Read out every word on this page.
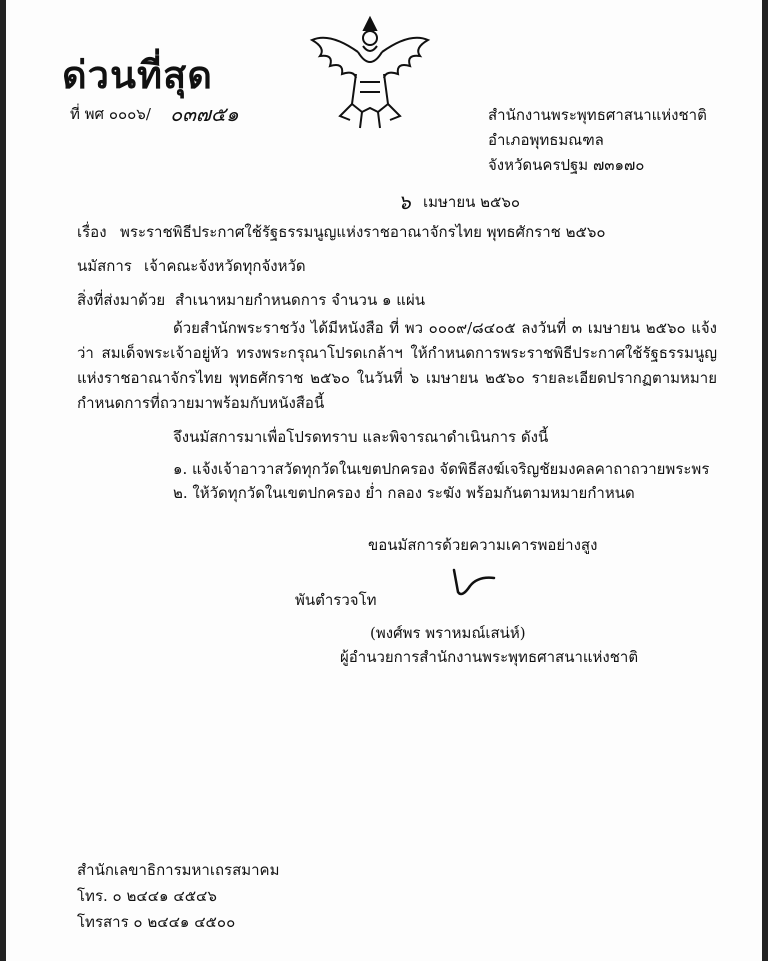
ด่วนที่สุด
ที่ พศ ๐๐๐๖/ ๐๓๗๕๑	สำนักงานพระพุทธศาสนาแห่งชาติ
อำเภอพุทธมณฑล
จังหวัดนครปฐม ๗๓๑๗๐
๖ เมษายน ๒๕๖๐
เรื่อง พระราชพิธีประกาศใช้รัฐธรรมนูญแห่งราชอาณาจักรไทย พุทธศักราช ๒๕๖๐
นมัสการ เจ้าคณะจังหวัดทุกจังหวัด
สิ่งที่ส่งมาด้วย สำเนาหมายกำหนดการ จำนวน ๑ แผ่น
ด้วยสำนักพระราชวัง ได้มีหนังสือ ที่ พว ๐๐๐๙/๘๔๐๕ ลงวันที่ ๓ เมษายน ๒๕๖๐ แจ้งว่า สมเด็จพระเจ้าอยู่หัว ทรงพระกรุณาโปรดเกล้าฯ ให้กำหนดการพระราชพิธีประกาศใช้รัฐธรรมนูญแห่งราชอาณาจักรไทย พุทธศักราช ๒๕๖๐ ในวันที่ ๖ เมษายน ๒๕๖๐ รายละเอียดปรากฏตามหมายกำหนดการที่ถวายมาพร้อมกับหนังสือนี้
จึงนมัสการมาเพื่อโปรดทราบ และพิจารณาดำเนินการ ดังนี้
๑. แจ้งเจ้าอาวาสวัดทุกวัดในเขตปกครอง จัดพิธีสงฆ์เจริญชัยมงคลคาถาถวายพระพร
๒. ให้วัดทุกวัดในเขตปกครอง ย่ำ กลอง ระฆัง พร้อมกันตามหมายกำหนด
ขอนมัสการด้วยความเคารพอย่างสูง
พันตำรวจโท
(พงศ์พร พราหมณ์เสน่ห์)
ผู้อำนวยการสำนักงานพระพุทธศาสนาแห่งชาติ
สำนักเลขาธิการมหาเถรสมาคม
โทร. ๐ ๒๔๔๑ ๔๕๔๖
โทรสาร ๐ ๒๔๔๑ ๔๕๐๐
